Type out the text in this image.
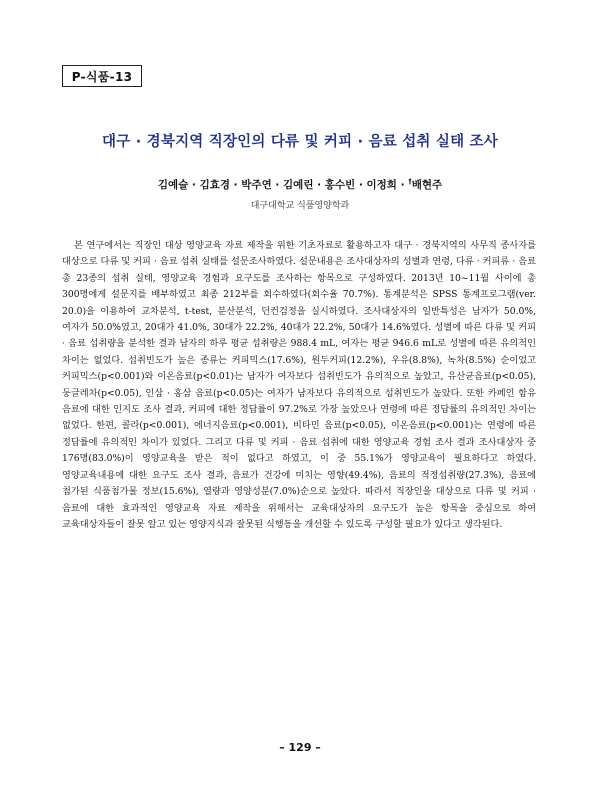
P-식품-13
대구 · 경북지역 직장인의 다류 및 커피 · 음료 섭취 실태 조사
김예슬 · 김효경 · 박주연 · 김예린 · 홍수빈 · 이정희 · †배현주
대구대학교 식품영양학과

본 연구에서는 직장인 대상 영양교육 자료 제작을 위한 기초자료로 활용하고자 대구 · 경북지역의 사무직 종사자를 대상으로 다류 및 커피 · 음료 섭취 실태를 설문조사하였다. 설문내용은 조사대상자의 성별과 연령, 다류 · 커피류 · 음료 총 23종의 섭취 실태, 영양교육 경험과 요구도를 조사하는 항목으로 구성하였다. 2013년 10~11월 사이에 총 300명에게 설문지를 배부하였고 최종 212부를 회수하였다(회수율 70.7%). 통계분석은 SPSS 통계프로그램(ver. 20.0)을 이용하여 교차분석, t-test, 분산분석, 던컨검정을 실시하였다. 조사대상자의 일반특성은 남자가 50.0%, 여자가 50.0%였고, 20대가 41.0%, 30대가 22.2%, 40대가 22.2%, 50대가 14.6%였다. 성별에 따른 다류 및 커피 · 음료 섭취량을 분석한 결과 남자의 하루 평균 섭취량은 988.4 mL, 여자는 평균 946.6 mL로 성별에 따른 유의적인 차이는 없었다. 섭취빈도가 높은 종류는 커피믹스(17.6%), 원두커피(12.2%), 우유(8.8%), 녹차(8.5%) 순이었고 커피믹스(p<0.001)와 이온음료(p<0.01)는 남자가 여자보다 섭취빈도가 유의적으로 높았고, 유산균음료(p<0.05), 둥글레차(p<0.05), 인삼 · 홍삼 음료(p<0.05)는 여자가 남자보다 유의적으로 섭취빈도가 높았다. 또한 카페인 함유 음료에 대한 인지도 조사 결과, 커피에 대한 정답률이 97.2%로 가장 높았으나 연령에 따른 정답률의 유의적인 차이는 없었다. 한편, 콜라(p<0.001), 에너지음료(p<0.001), 비타민 음료(p<0.05), 이온음료(p<0.001)는 연령에 따른 정답률에 유의적인 차이가 있었다. 그리고 다류 및 커피 · 음료 섭취에 대한 영양교육 경험 조사 결과 조사대상자 중 176명(83.0%)이 영양교육을 받은 적이 없다고 하였고, 이 중 55.1%가 영양교육이 필요하다고 하였다. 영양교육내용에 대한 요구도 조사 결과, 음료가 건강에 미치는 영향(49.4%), 음료의 적정섭취량(27.3%), 음료에 첨가된 식품첨가물 정보(15.6%), 열량과 영양성분(7.0%)순으로 높았다. 따라서 직장인을 대상으로 다류 및 커피 · 음료에 대한 효과적인 영양교육 자료 제작을 위해서는 교육대상자의 요구도가 높은 항목을 중심으로 하여 교육대상자들이 잘못 알고 있는 영양지식과 잘못된 식행동을 개선할 수 있도록 구성할 필요가 있다고 생각된다.

– 129 –
